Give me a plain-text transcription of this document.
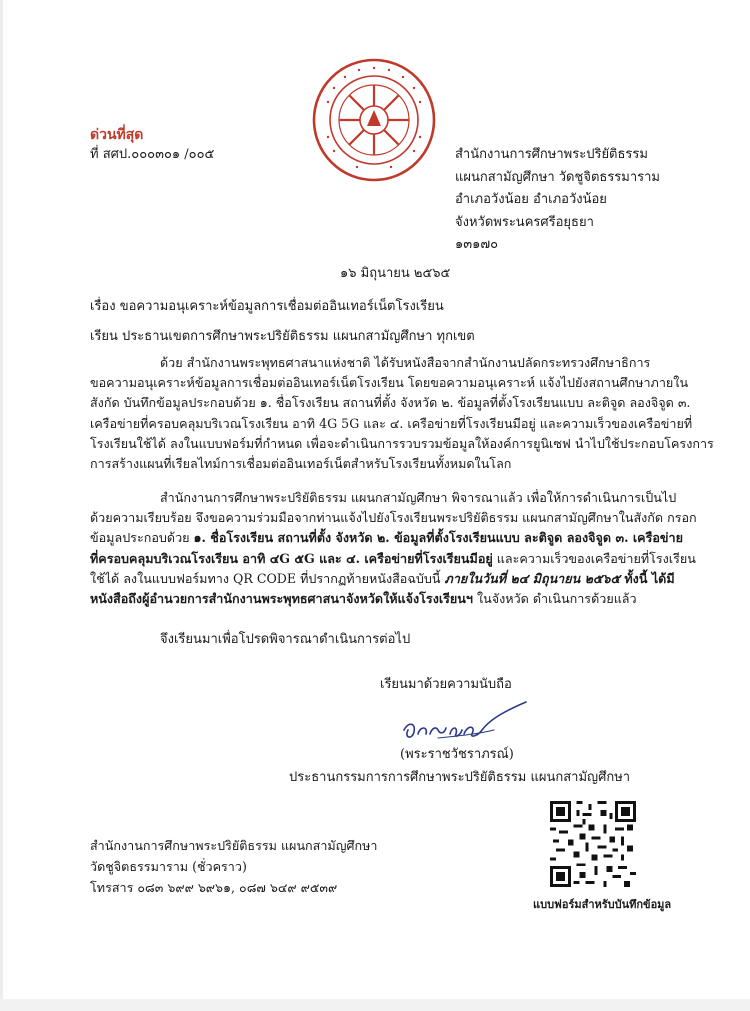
ด่วนที่สุด
ที่ สศป.๐๐๐๓๐๑ /๐๐๕	สำนักงานการศึกษาพระปริยัติธรรม
แผนกสามัญศึกษา วัดชูจิตธรรมาราม
อำเภอวังน้อย อำเภอวังน้อย
จังหวัดพระนครศรีอยุธยา
๑๓๑๗๐
๑๖ มิถุนายน ๒๕๖๕
เรื่อง ขอความอนุเคราะห์ข้อมูลการเชื่อมต่ออินเทอร์เน็ตโรงเรียน
เรียน ประธานเขตการศึกษาพระปริยัติธรรม แผนกสามัญศึกษา ทุกเขต
ด้วย สำนักงานพระพุทธศาสนาแห่งชาติ ได้รับหนังสือจากสำนักงานปลัดกระทรวงศึกษาธิการ
ขอความอนุเคราะห์ข้อมูลการเชื่อมต่ออินเทอร์เน็ตโรงเรียน โดยขอความอนุเคราะห์ แจ้งไปยังสถานศึกษาภายใน
สังกัด บันทึกข้อมูลประกอบด้วย ๑. ชื่อโรงเรียน สถานที่ตั้ง จังหวัด ๒. ข้อมูลที่ตั้งโรงเรียนแบบ ละติจูด ลองจิจูด ๓.
เครือข่ายที่ครอบคลุมบริเวณโรงเรียน อาทิ 4G 5G และ ๔. เครือข่ายที่โรงเรียนมีอยู่ และความเร็วของเครือข่ายที่
โรงเรียนใช้ได้ ลงในแบบฟอร์มที่กำหนด เพื่อจะดำเนินการรวบรวมข้อมูลให้องค์การยูนิเซฟ นำไปใช้ประกอบโครงการ
การสร้างแผนที่เรียลไทม์การเชื่อมต่ออินเทอร์เน็ตสำหรับโรงเรียนทั้งหมดในโลก
สำนักงานการศึกษาพระปริยัติธรรม แผนกสามัญศึกษา พิจารณาแล้ว เพื่อให้การดำเนินการเป็นไป
ด้วยความเรียบร้อย จึงขอความร่วมมือจากท่านแจ้งไปยังโรงเรียนพระปริยัติธรรม แผนกสามัญศึกษาในสังกัด กรอก
ข้อมูลประกอบด้วย ๑. ชื่อโรงเรียน สถานที่ตั้ง จังหวัด ๒. ข้อมูลที่ตั้งโรงเรียนแบบ ละติจูด ลองจิจูด ๓. เครือข่าย
ที่ครอบคลุมบริเวณโรงเรียน อาทิ ๔G ๕G และ ๔. เครือข่ายที่โรงเรียนมีอยู่ และความเร็วของเครือข่ายที่โรงเรียน
ใช้ได้ ลงในแบบฟอร์มทาง QR CODE ที่ปรากฏท้ายหนังสือฉบับนี้ ภายในวันที่ ๒๔ มิถุนายน ๒๕๖๕ ทั้งนี้ ได้มี
หนังสือถึงผู้อำนวยการสำนักงานพระพุทธศาสนาจังหวัดให้แจ้งโรงเรียนฯ ในจังหวัด ดำเนินการด้วยแล้ว
จึงเรียนมาเพื่อโปรดพิจารณาดำเนินการต่อไป
เรียนมาด้วยความนับถือ
(พระราชวัชราภรณ์)
ประธานกรรมการการศึกษาพระปริยัติธรรม แผนกสามัญศึกษา
สำนักงานการศึกษาพระปริยัติธรรม แผนกสามัญศึกษา
วัดชูจิตธรรมาราม (ชั่วคราว)
โทรสาร ๐๘๓ ๖๙๙ ๖๙๖๑, ๐๘๗ ๖๔๙ ๙๕๓๙
แบบฟอร์มสำหรับบันทึกข้อมูล
